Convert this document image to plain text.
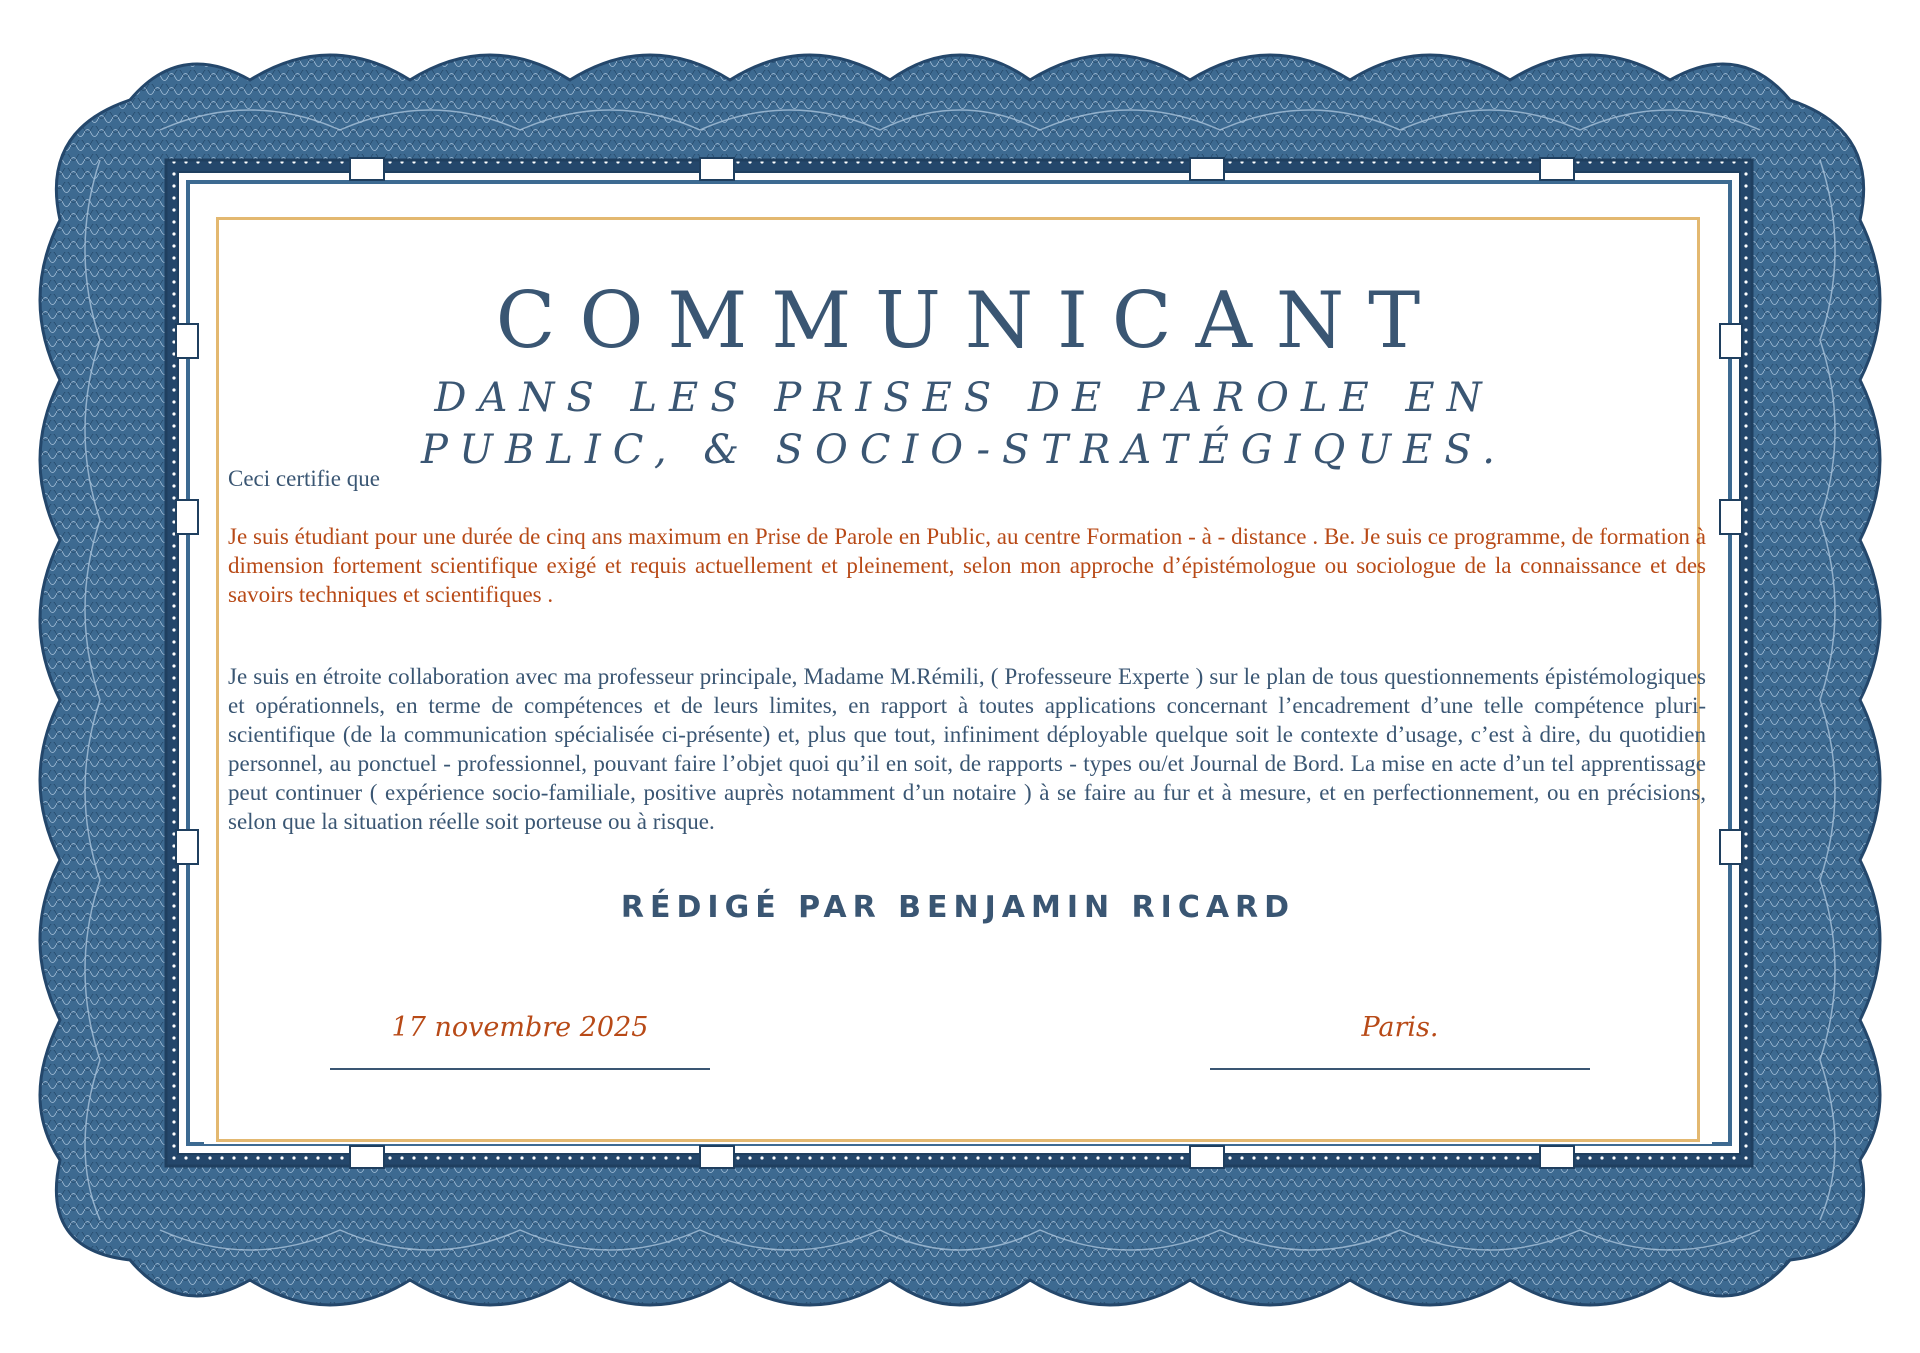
COMMUNICANT
DANS LES PRISES DE PAROLE EN PUBLIC, & SOCIO-STRATÉGIQUES.
Ceci certifie que
Je suis étudiant pour une durée de cinq ans maximum en Prise de Parole en Public, au centre Formation - à - distance . Be. Je suis ce programme, de formation à dimension fortement scientifique exigé et requis actuellement et pleinement, selon mon approche d’épistémologue ou sociologue de la connaissance et des savoirs techniques et scientifiques .
Je suis en étroite collaboration avec ma professeur principale, Madame M.Rémili, ( Professeure Experte ) sur le plan de tous questionnements épistémologiques et opérationnels, en terme de compétences et de leurs limites, en rapport à toutes applications concernant l’encadrement d’une telle compétence pluri-scientifique (de la communication spécialisée ci-présente) et, plus que tout, infiniment déployable quelque soit le contexte d’usage, c’est à dire, du quotidien personnel, au ponctuel - professionnel, pouvant faire l’objet quoi qu’il en soit, de rapports - types ou/et Journal de Bord. La mise en acte d’un tel apprentissage peut continuer ( expérience socio-familiale, positive auprès notamment d’un notaire ) à se faire au fur et à mesure, et en perfectionnement, ou en précisions, selon que la situation réelle soit porteuse ou à risque.
RÉDIGÉ PAR BENJAMIN RICARD
17 novembre 2025	Paris.
